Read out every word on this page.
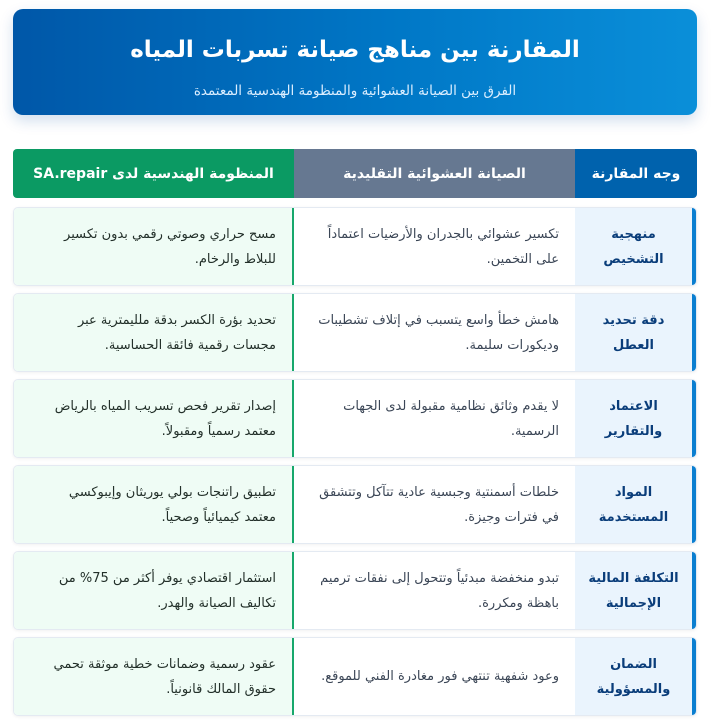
المقارنة بين مناهج صيانة تسربات المياه
الفرق بين الصيانة العشوائية والمنظومة الهندسية المعتمدة
وجه المقارنة
الصيانة العشوائية التقليدية
المنظومة الهندسية لدى SA.repair
منهجية التشخيص
تكسير عشوائي بالجدران والأرضيات اعتماداً على التخمين.
مسح حراري وصوتي رقمي بدون تكسير للبلاط والرخام.
دقة تحديد العطل
هامش خطأ واسع يتسبب في إتلاف تشطيبات وديكورات سليمة.
تحديد بؤرة الكسر بدقة ملليمترية عبر مجسات رقمية فائقة الحساسية.
الاعتماد والتقارير
لا يقدم وثائق نظامية مقبولة لدى الجهات الرسمية.
إصدار تقرير فحص تسريب المياه بالرياض معتمد رسمياً ومقبولاً.
المواد المستخدمة
خلطات أسمنتية وجبسية عادية تتآكل وتتشقق في فترات وجيزة.
تطبيق راتنجات بولي يوريثان وإيبوكسي معتمد كيميائياً وصحياً.
التكلفة المالية الإجمالية
تبدو منخفضة مبدئياً وتتحول إلى نفقات ترميم باهظة ومكررة.
استثمار اقتصادي يوفر أكثر من 75% من تكاليف الصيانة والهدر.
الضمان والمسؤولية
وعود شفهية تنتهي فور مغادرة الفني للموقع.
عقود رسمية وضمانات خطية موثقة تحمي حقوق المالك قانونياً.
